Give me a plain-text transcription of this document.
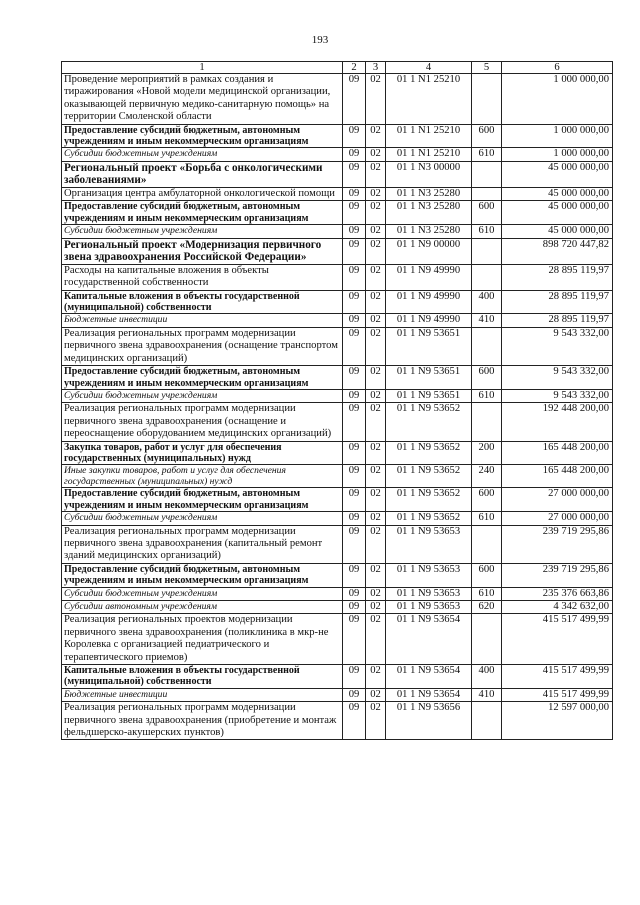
193
1	2	3	4	5	6
Проведение мероприятий в рамках создания и тиражирования «Новой модели медицинской организации, оказывающей первичную медико-санитарную помощь» на территории Смоленской области	09	02	01 1 N1 25210		1 000 000,00
Предоставление субсидий бюджетным, автономным учреждениям и иным некоммерческим организациям	09	02	01 1 N1 25210	600	1 000 000,00
Субсидии бюджетным учреждениям	09	02	01 1 N1 25210	610	1 000 000,00
Региональный проект «Борьба с онкологическими заболеваниями»	09	02	01 1 N3 00000		45 000 000,00
Организация центра амбулаторной онкологической помощи	09	02	01 1 N3 25280		45 000 000,00
Предоставление субсидий бюджетным, автономным учреждениям и иным некоммерческим организациям	09	02	01 1 N3 25280	600	45 000 000,00
Субсидии бюджетным учреждениям	09	02	01 1 N3 25280	610	45 000 000,00
Региональный проект «Модернизация первичного звена здравоохранения Российской Федерации»	09	02	01 1 N9 00000		898 720 447,82
Расходы на капитальные вложения в объекты государственной собственности	09	02	01 1 N9 49990		28 895 119,97
Капитальные вложения в объекты государственной (муниципальной) собственности	09	02	01 1 N9 49990	400	28 895 119,97
Бюджетные инвестиции	09	02	01 1 N9 49990	410	28 895 119,97
Реализация региональных программ модернизации первичного звена здравоохранения (оснащение транспортом медицинских организаций)	09	02	01 1 N9 53651		9 543 332,00
Предоставление субсидий бюджетным, автономным учреждениям и иным некоммерческим организациям	09	02	01 1 N9 53651	600	9 543 332,00
Субсидии бюджетным учреждениям	09	02	01 1 N9 53651	610	9 543 332,00
Реализация региональных программ модернизации первичного звена здравоохранения (оснащение и переоснащение оборудованием медицинских организаций)	09	02	01 1 N9 53652		192 448 200,00
Закупка товаров, работ и услуг для обеспечения государственных (муниципальных) нужд	09	02	01 1 N9 53652	200	165 448 200,00
Иные закупки товаров, работ и услуг для обеспечения государственных (муниципальных) нужд	09	02	01 1 N9 53652	240	165 448 200,00
Предоставление субсидий бюджетным, автономным учреждениям и иным некоммерческим организациям	09	02	01 1 N9 53652	600	27 000 000,00
Субсидии бюджетным учреждениям	09	02	01 1 N9 53652	610	27 000 000,00
Реализация региональных программ модернизации первичного звена здравоохранения (капитальный ремонт зданий медицинских организаций)	09	02	01 1 N9 53653		239 719 295,86
Предоставление субсидий бюджетным, автономным учреждениям и иным некоммерческим организациям	09	02	01 1 N9 53653	600	239 719 295,86
Субсидии бюджетным учреждениям	09	02	01 1 N9 53653	610	235 376 663,86
Субсидии автономным учреждениям	09	02	01 1 N9 53653	620	4 342 632,00
Реализация региональных проектов модернизации первичного звена здравоохранения (поликлиника в мкр-не Королевка с организацией педиатрического и терапевтического приемов)	09	02	01 1 N9 53654		415 517 499,99
Капитальные вложения в объекты государственной (муниципальной) собственности	09	02	01 1 N9 53654	400	415 517 499,99
Бюджетные инвестиции	09	02	01 1 N9 53654	410	415 517 499,99
Реализация региональных программ модернизации первичного звена здравоохранения (приобретение и монтаж фельдшерско-акушерских пунктов)	09	02	01 1 N9 53656		12 597 000,00
